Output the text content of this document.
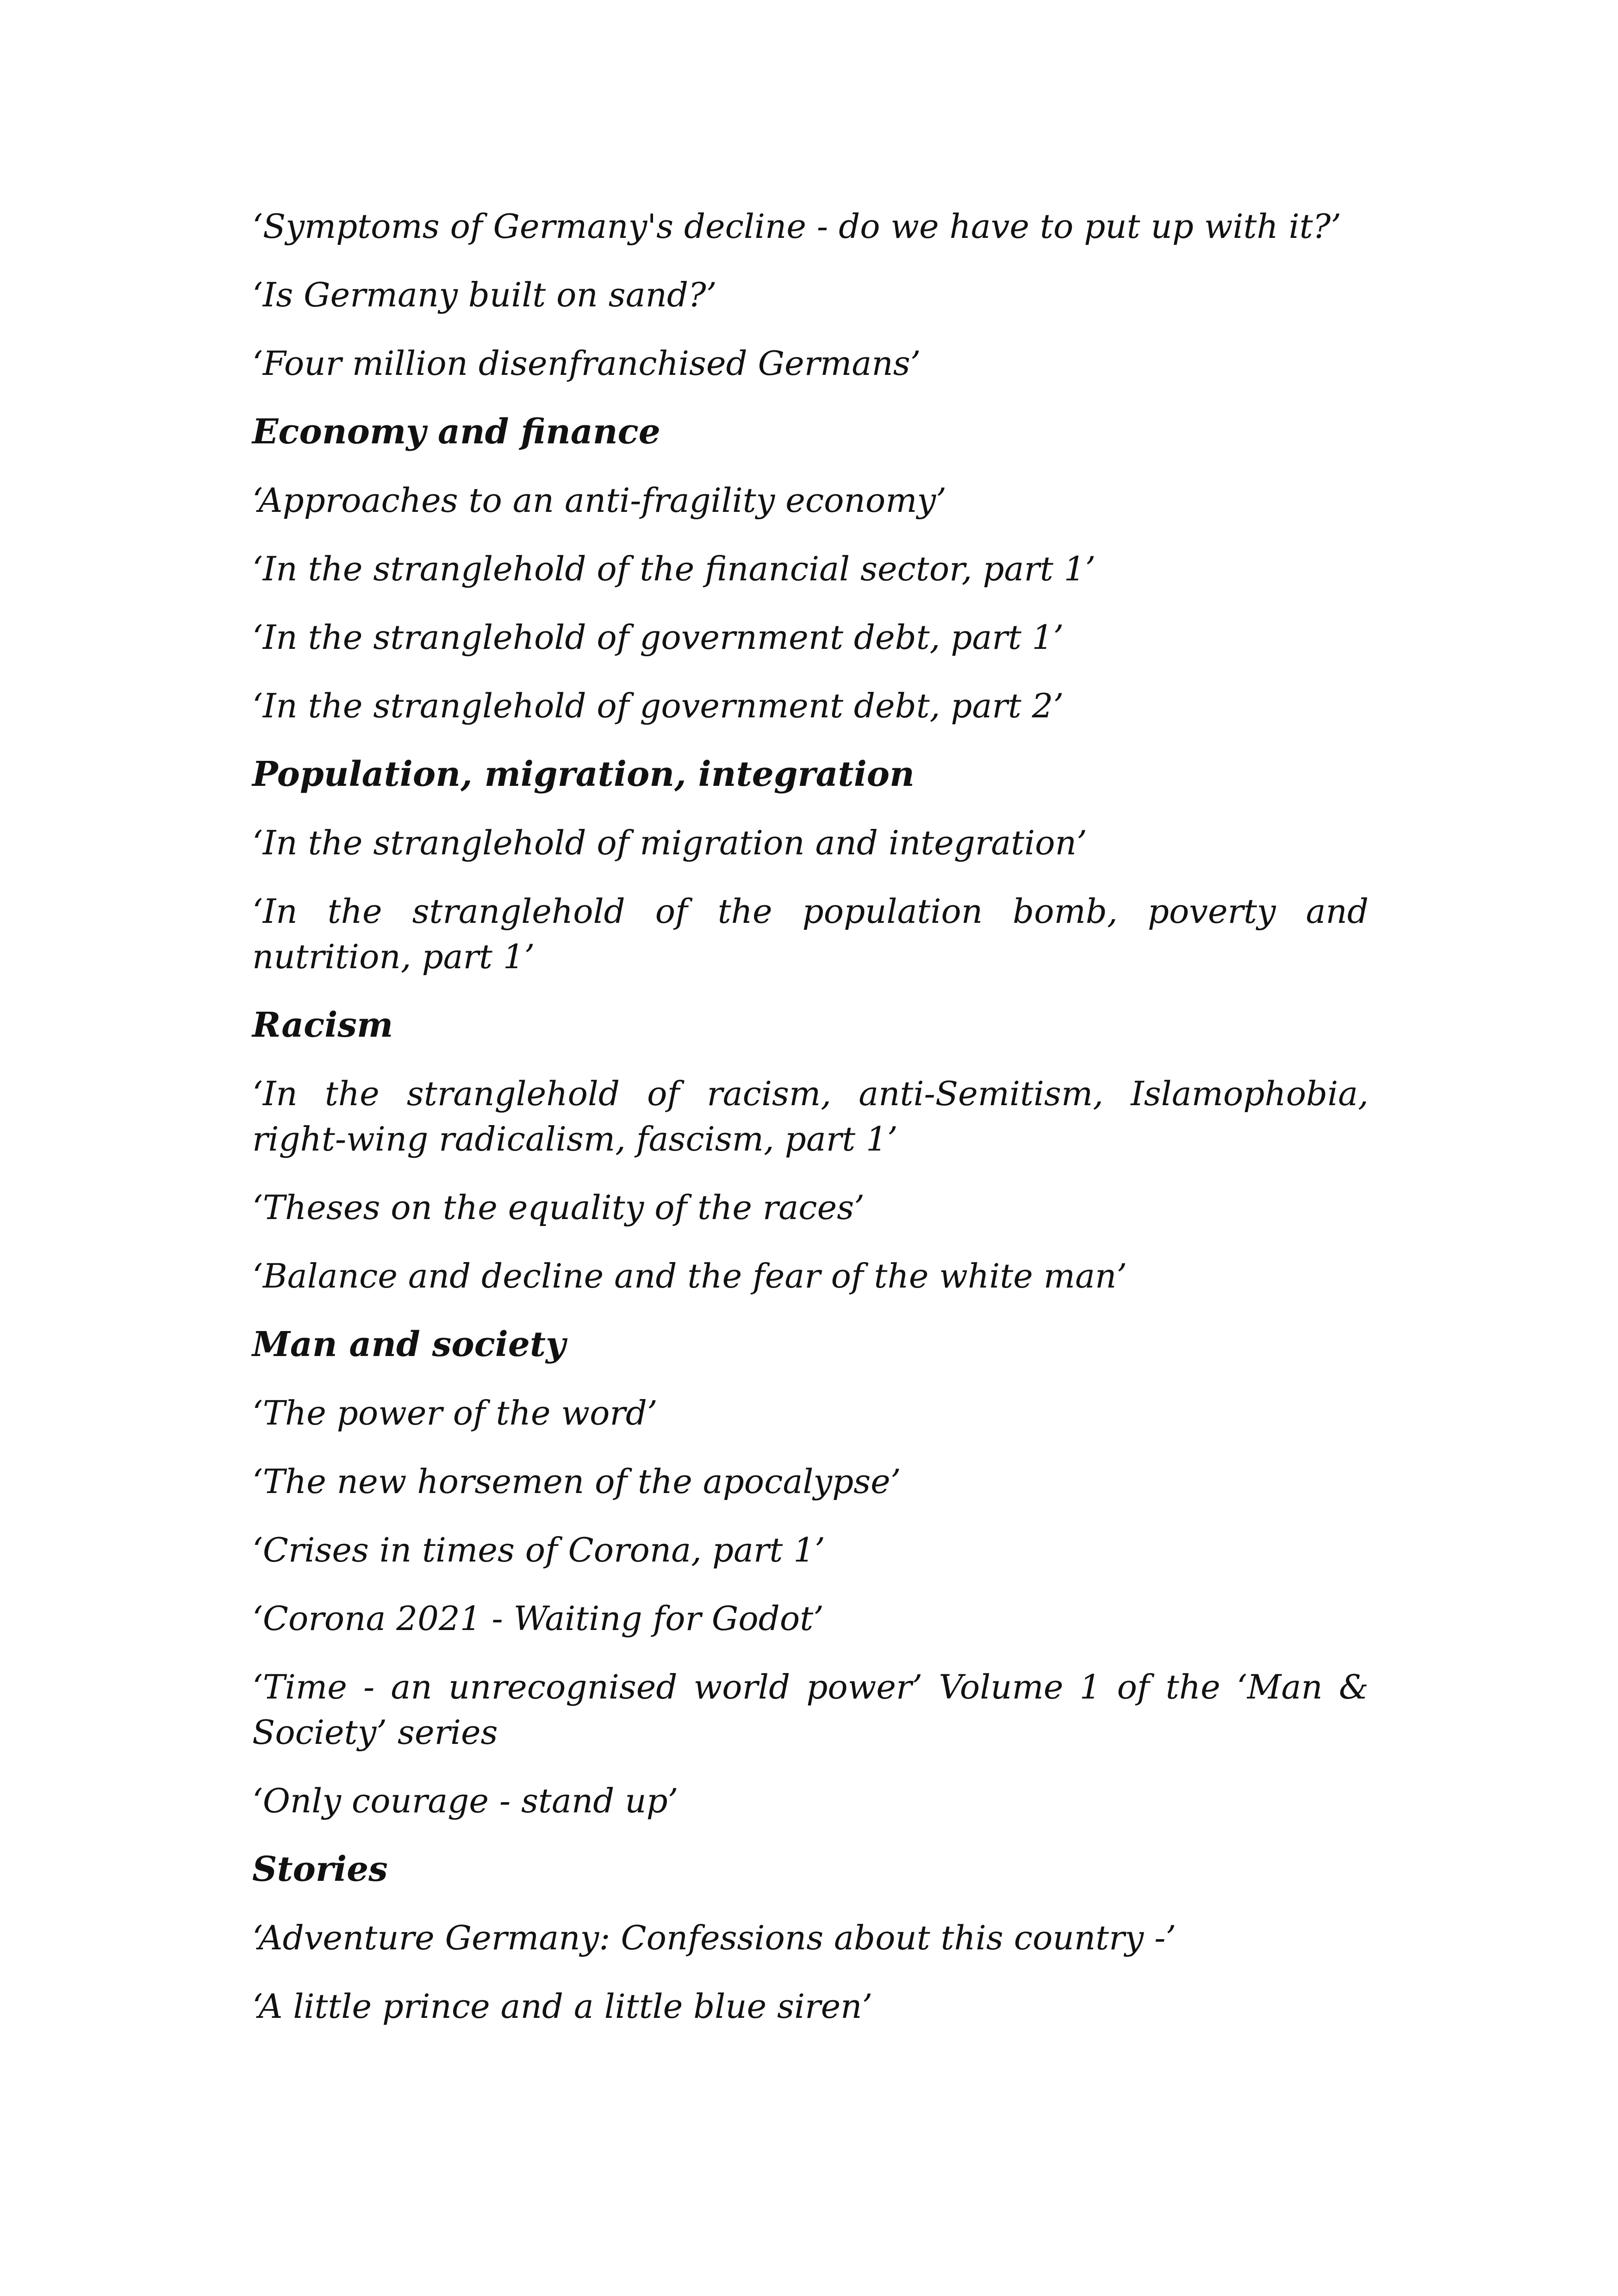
‘Symptoms of Germany's decline - do we have to put up with it?’

‘Is Germany built on sand?’

‘Four million disenfranchised Germans’

Economy and finance

‘Approaches to an anti-fragility economy’

‘In the stranglehold of the financial sector, part 1’

‘In the stranglehold of government debt, part 1’

‘In the stranglehold of government debt, part 2’

Population, migration, integration

‘In the stranglehold of migration and integration’

‘In the stranglehold of the population bomb, poverty and nutrition, part 1’

Racism

‘In the stranglehold of racism, anti-Semitism, Islamophobia, right-wing radicalism, fascism, part 1’

‘Theses on the equality of the races’

‘Balance and decline and the fear of the white man’

Man and society

‘The power of the word’

‘The new horsemen of the apocalypse’

‘Crises in times of Corona, part 1’

‘Corona 2021 - Waiting for Godot’

‘Time - an unrecognised world power’ Volume 1 of the ‘Man & Society’ series

‘Only courage - stand up’

Stories

‘Adventure Germany: Confessions about this country -’

‘A little prince and a little blue siren’
